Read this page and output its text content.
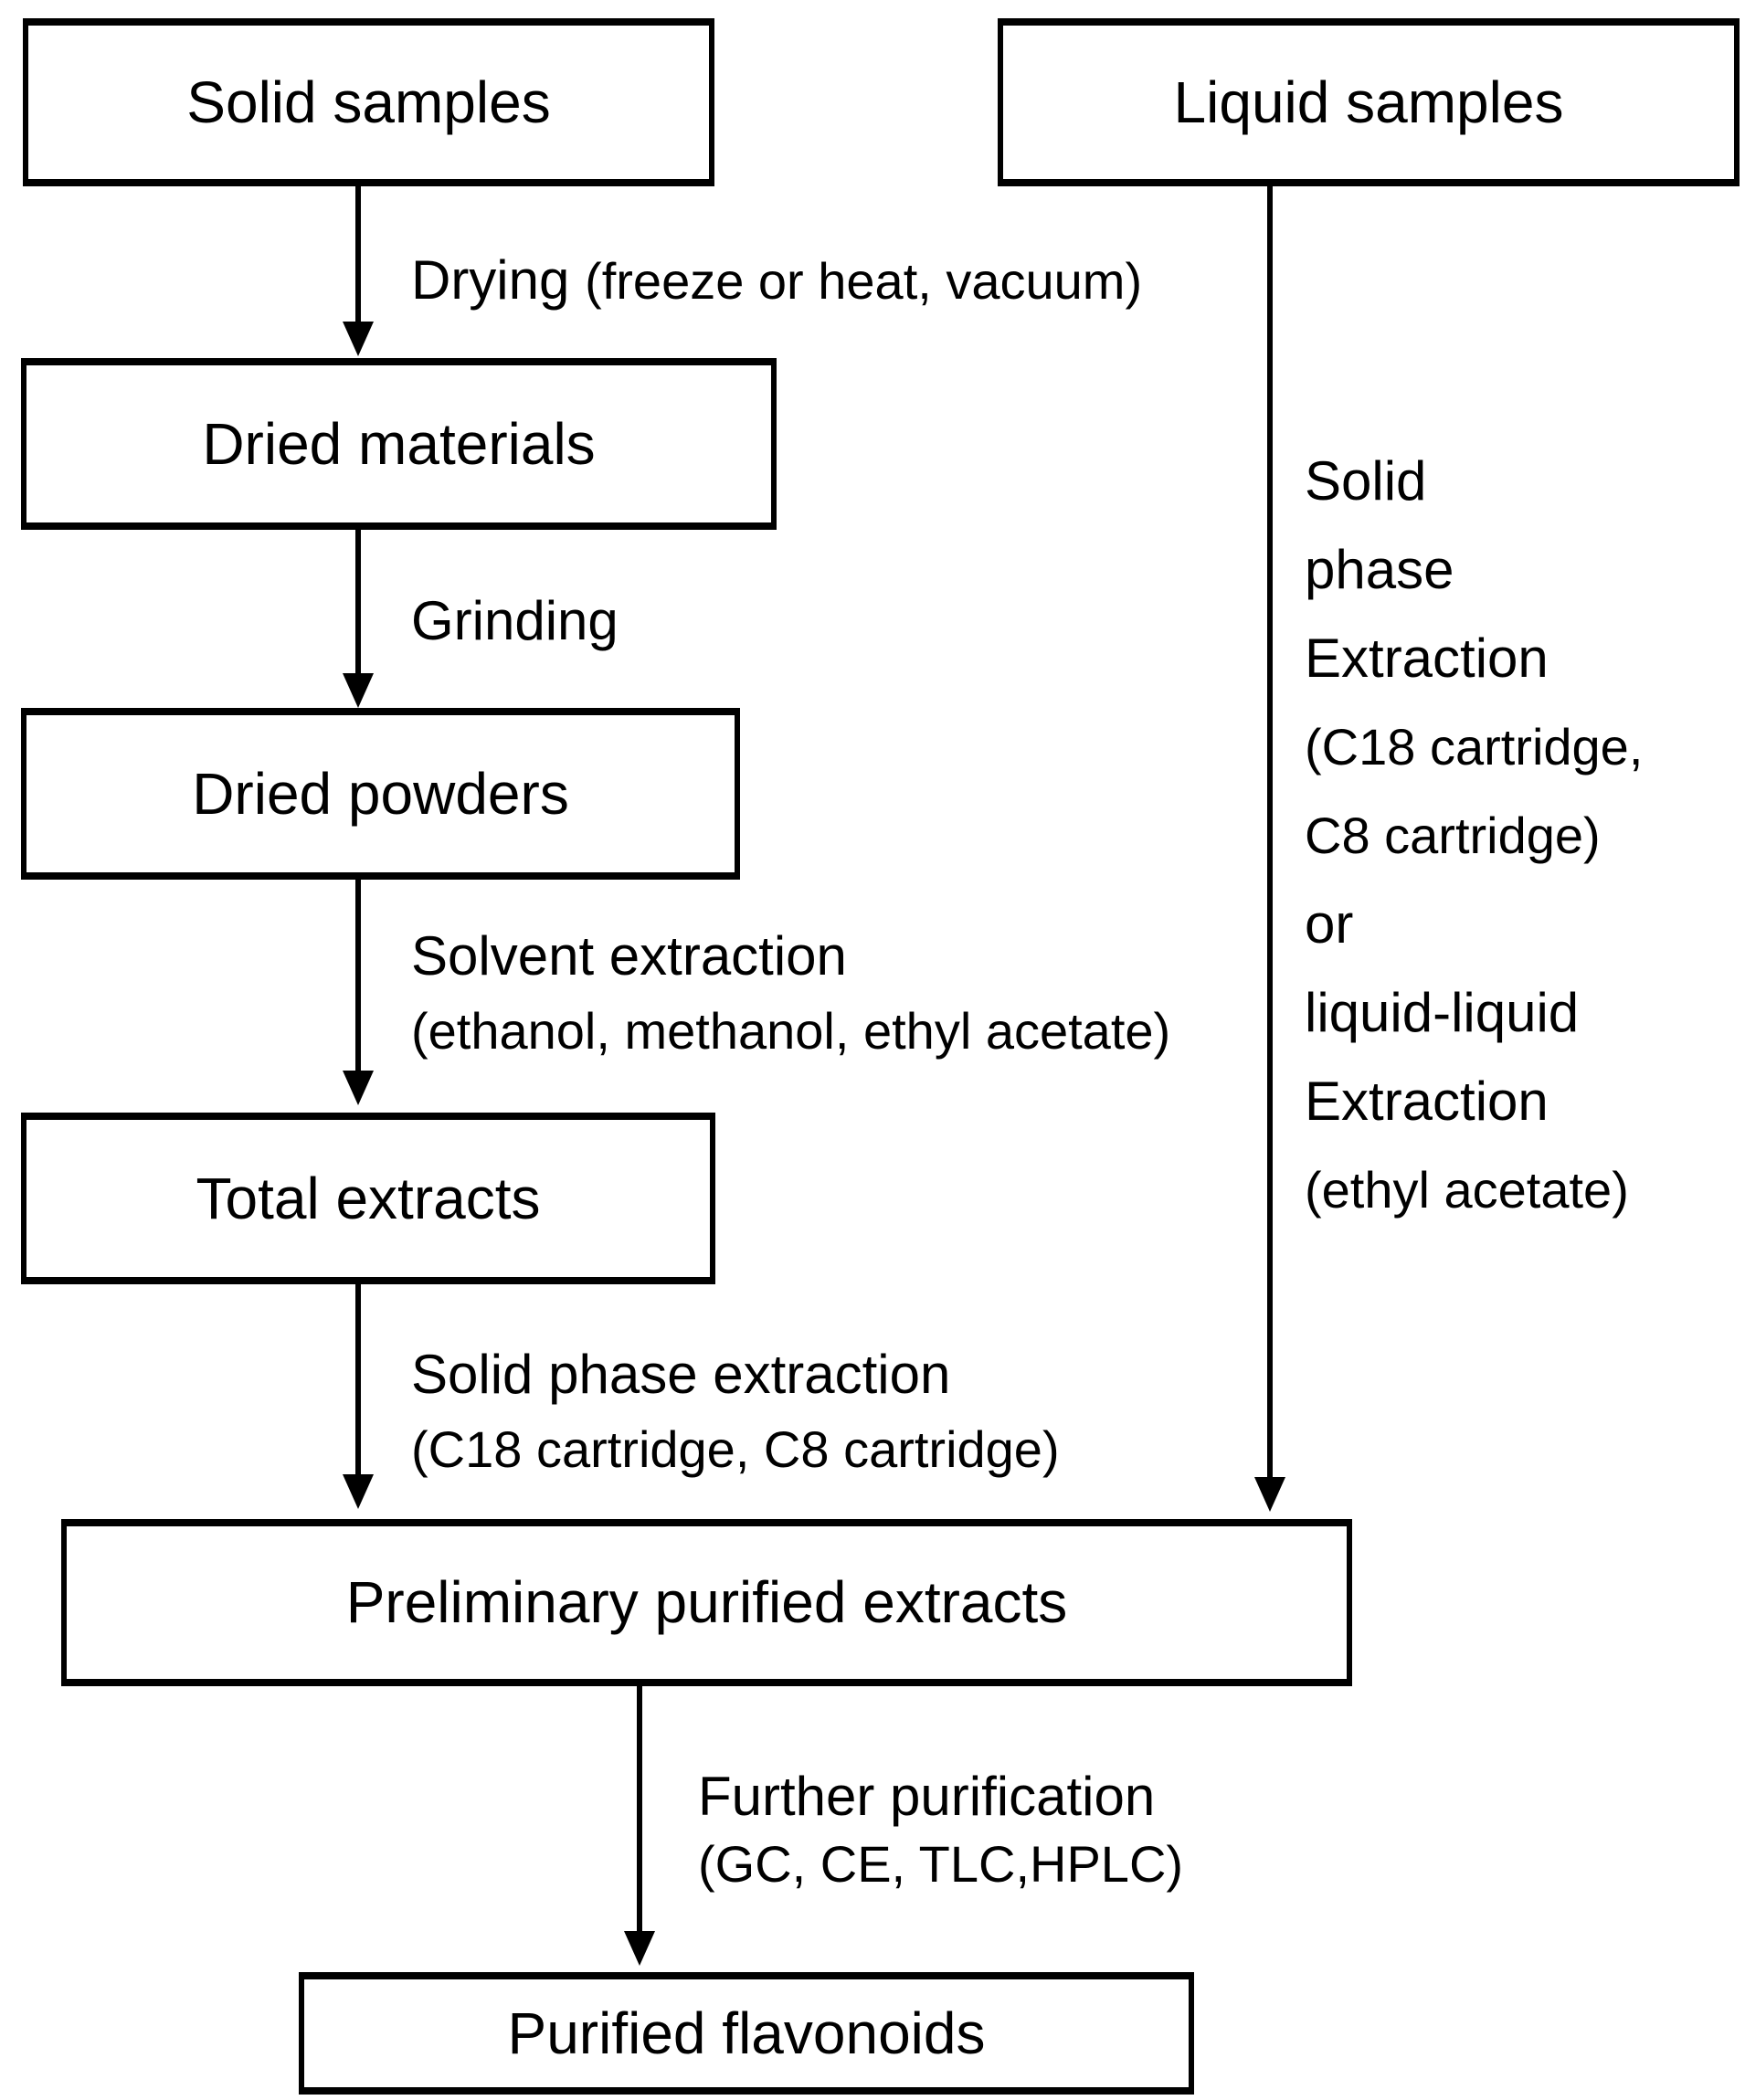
Solid samples	Liquid samples
Dried materials
Dried powders
Total extracts
Preliminary purified extracts
Purified flavonoids
Drying (freeze or heat, vacuum)
Grinding
Solvent extraction
(ethanol, methanol, ethyl acetate)
Solid phase extraction
(C18 cartridge, C8 cartridge)
Further purification
(GC, CE, TLC,HPLC)
Solid
phase
Extraction
(C18 cartridge,
C8 cartridge)
or
liquid-liquid
Extraction
(ethyl acetate)
